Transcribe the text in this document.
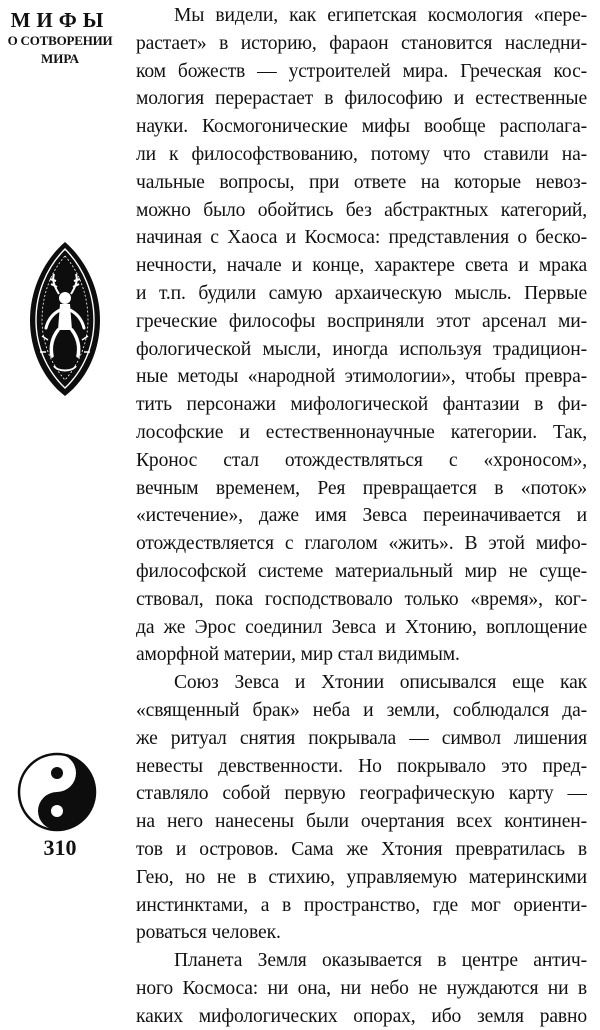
МИФЫ
О СОТВОРЕНИИ
МИРА
Мы видели, как египетская космология «пере-
растает» в историю, фараон становится наследни-
ком божеств — устроителей мира. Греческая кос-
мология перерастает в философию и естественные
науки. Космогонические мифы вообще располага-
ли к философствованию, потому что ставили на-
чальные вопросы, при ответе на которые невоз-
можно было обойтись без абстрактных категорий,
начиная с Хаоса и Космоса: представления о беско-
нечности, начале и конце, характере света и мрака
и т.п. будили самую архаическую мысль. Первые
греческие философы восприняли этот арсенал ми-
фологической мысли, иногда используя традицион-
ные методы «народной этимологии», чтобы превра-
тить персонажи мифологической фантазии в фи-
лософские и естественнонаучные категории. Так,
Кронос стал отождествляться с «хроносом»,
вечным временем, Рея превращается в «поток»
«истечение», даже имя Зевса переиначивается и
отождествляется с глаголом «жить». В этой мифо-
философской системе материальный мир не суще-
ствовал, пока господствовало только «время», ког-
да же Эрос соединил Зевса и Хтонию, воплощение
аморфной материи, мир стал видимым.
Союз Зевса и Хтонии описывался еще как
«священный брак» неба и земли, соблюдался да-
же ритуал снятия покрывала — символ лишения
невесты девственности. Но покрывало это пред-
ставляло собой первую географическую карту —
на него нанесены были очертания всех континен-
тов и островов. Сама же Хтония превратилась в
Гею, но не в стихию, управляемую материнскими
инстинктами, а в пространство, где мог ориенти-
роваться человек.
Планета Земля оказывается в центре антич-
ного Космоса: ни она, ни небо не нуждаются ни в
каких мифологических опорах, ибо земля равно
310
